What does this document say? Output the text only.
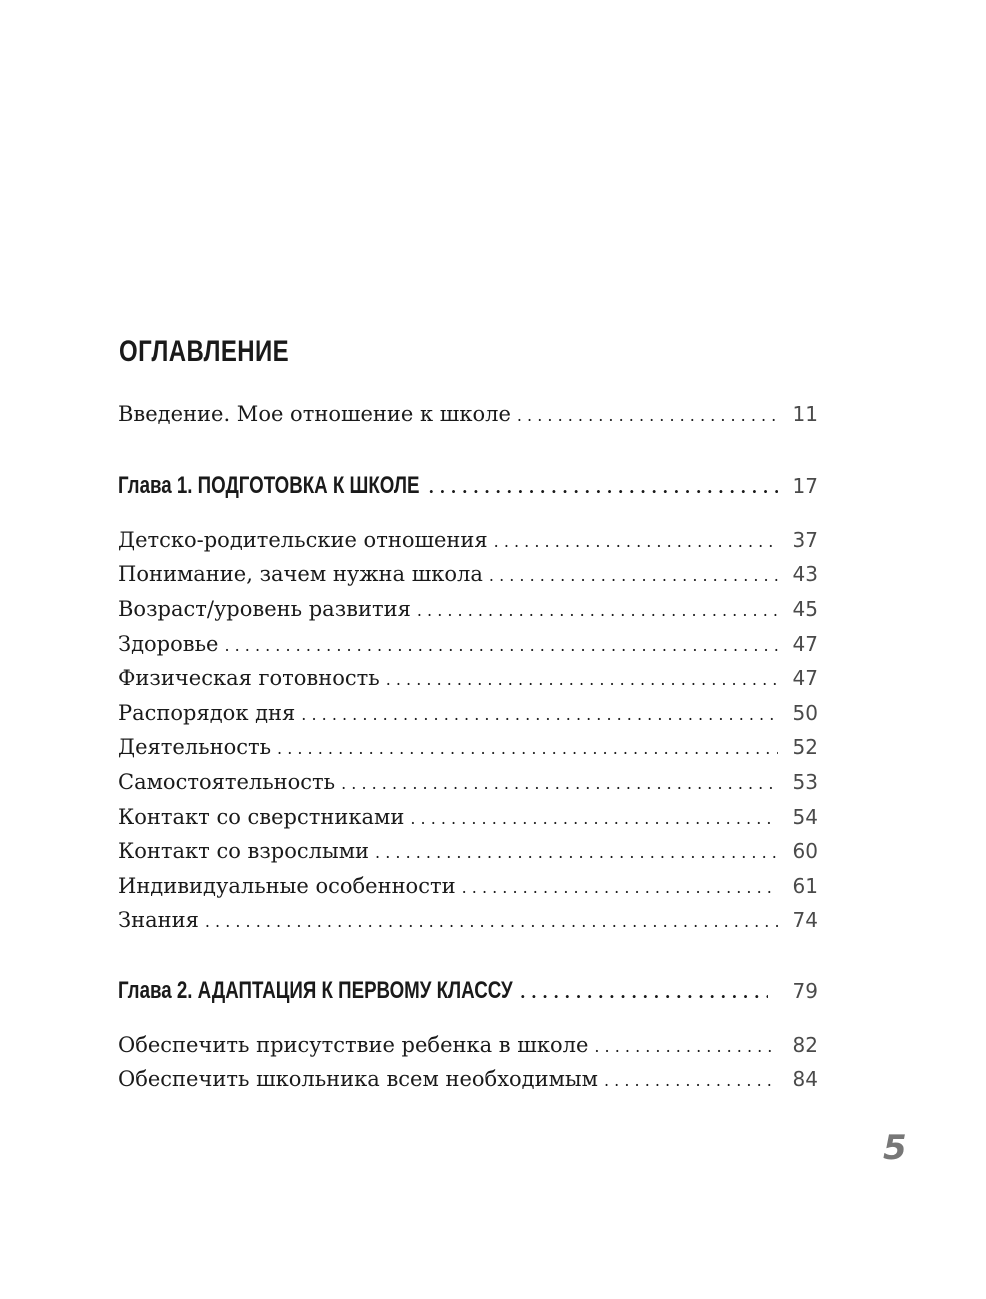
ОГЛАВЛЕНИЕ
Введение. Мое отношение к школе . . .	11
Глава 1. ПОДГОТОВКА К ШКОЛЕ . . .	17
Детско-родительские отношения . . .	37
Понимание, зачем нужна школа . . .	43
Возраст/уровень развития . . .	45
Здоровье . . .	47
Физическая готовность . . .	47
Распорядок дня . . .	50
Деятельность . . .	52
Самостоятельность . . .	53
Контакт со сверстниками . . .	54
Контакт со взрослыми . . .	60
Индивидуальные особенности . . .	61
Знания . . .	74
Глава 2. АДАПТАЦИЯ К ПЕРВОМУ КЛАССУ . . .	79
Обеспечить присутствие ребенка в школе . . .	82
Обеспечить школьника всем необходимым . . .	84
5
